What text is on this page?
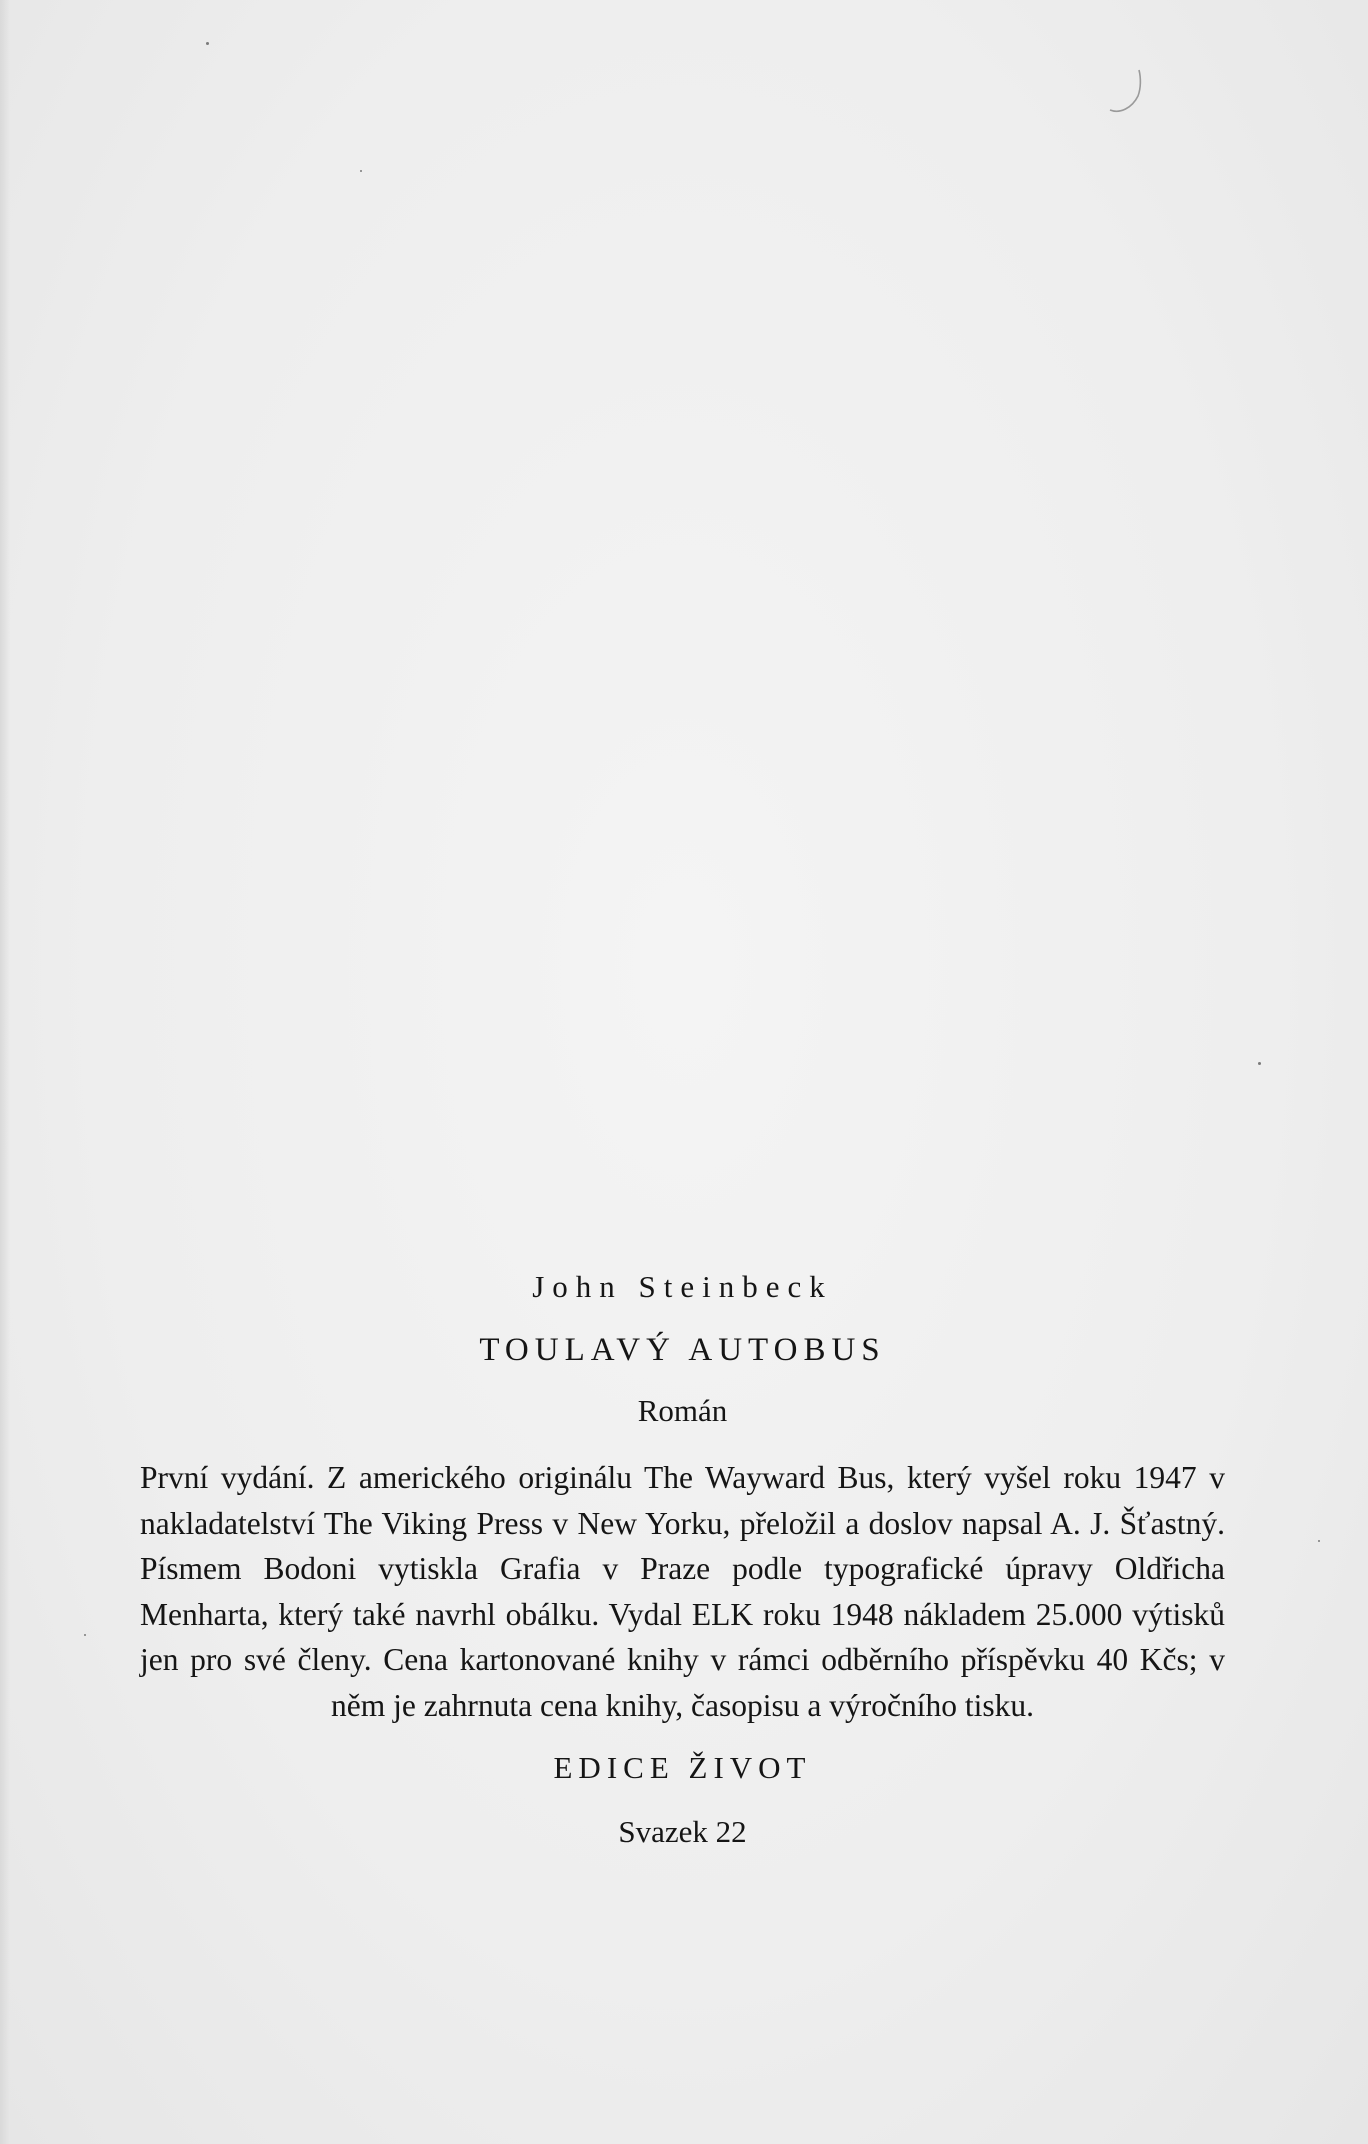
John Steinbeck

TOULAVÝ AUTOBUS

Román

První vydání. Z amerického originálu The Wayward Bus, který vyšel roku 1947 v nakladatelství The Viking Press v New Yorku, přeložil a doslov napsal A. J. Šťastný. Písmem Bodoni vytiskla Grafia v Praze podle typografické úpravy Oldřicha Menharta, který také navrhl obálku. Vydal ELK roku 1948 nákladem 25.000 výtisků jen pro své členy. Cena kartonované knihy v rámci odběrního příspěvku 40 Kčs; v něm je zahrnuta cena knihy, časopisu a výročního tisku.

EDICE ŽIVOT

Svazek 22
